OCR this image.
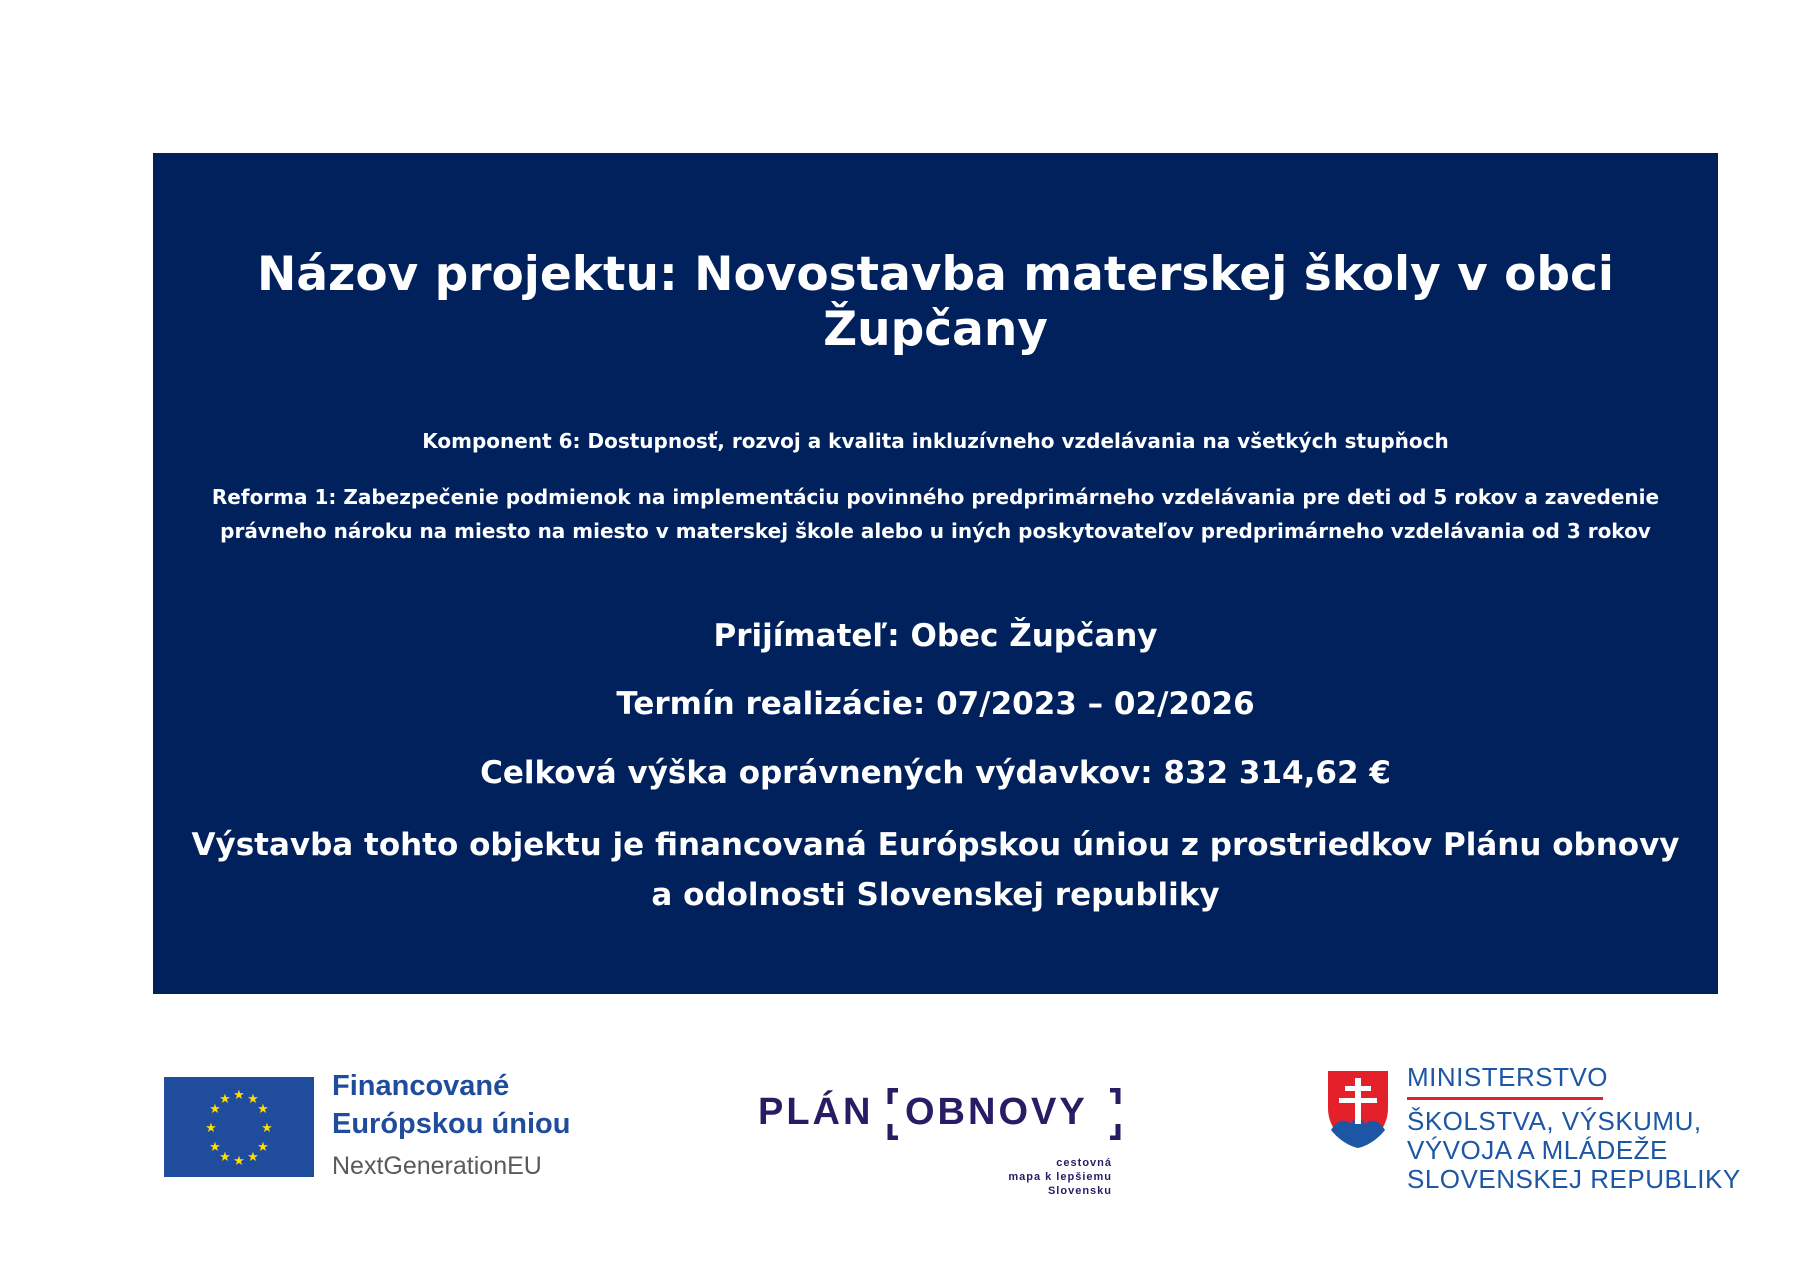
Názov projektu: Novostavba materskej školy v obci Župčany
Komponent 6: Dostupnosť, rozvoj a kvalita inkluzívneho vzdelávania na všetkých stupňoch
Reforma 1: Zabezpečenie podmienok na implementáciu povinného predprimárneho vzdelávania pre deti od 5 rokov a zavedenie právneho nároku na miesto na miesto v materskej škole alebo u iných poskytovateľov predprimárneho vzdelávania od 3 rokov
Prijímateľ: Obec Župčany
Termín realizácie: 07/2023 – 02/2026
Celková výška oprávnených výdavkov: 832 314,62 €
Výstavba tohto objektu je financovaná Európskou úniou z prostriedkov Plánu obnovy
a odolnosti Slovenskej republiky
★ ★
★
★
★
★
★
★
★
★
★
★	Financované
Európskou úniou
NextGenerationEU
PLÁN OBNOVY
cestovná
mapa k lepšiemu
Slovensku
MINISTERSTVO
ŠKOLSTVA, VÝSKUMU,
VÝVOJA A MLÁDEŽE
SLOVENSKEJ REPUBLIKY
